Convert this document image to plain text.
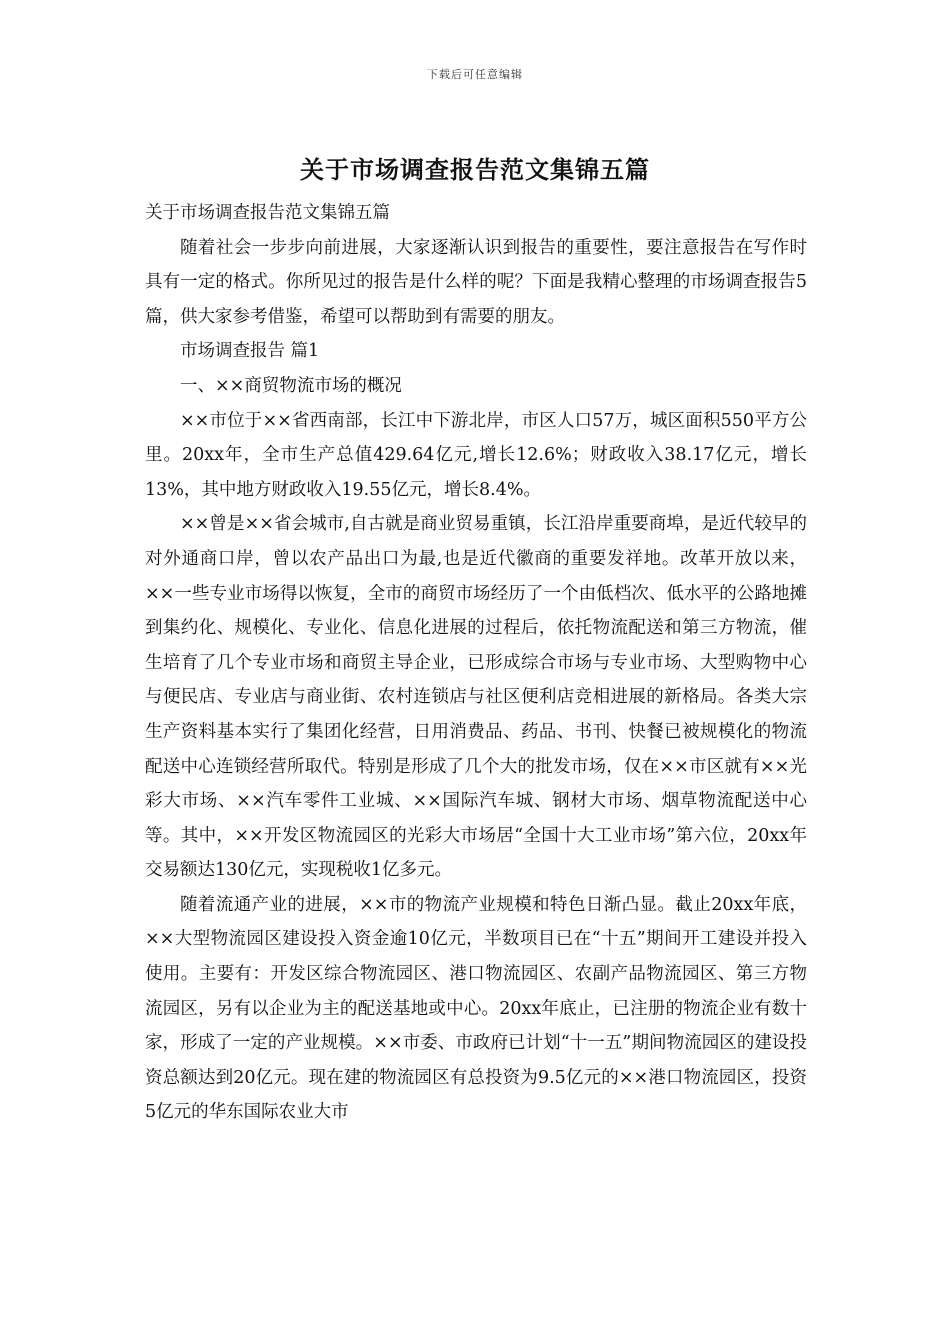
下载后可任意编辑
关于市场调查报告范文集锦五篇

关于市场调查报告范文集锦五篇

随着社会一步步向前进展，大家逐渐认识到报告的重要性，要注意报告在写作时具有一定的格式。你所见过的报告是什么样的呢？下面是我精心整理的市场调查报告5篇，供大家参考借鉴，希望可以帮助到有需要的朋友。

市场调查报告 篇1

一、××商贸物流市场的概况

××市位于××省西南部，长江中下游北岸，市区人口57万，城区面积550平方公里。20xx年，全市生产总值429.64亿元,增长12.6%；财政收入38.17亿元，增长13%，其中地方财政收入19.55亿元，增长8.4%。

××曾是××省会城市,自古就是商业贸易重镇，长江沿岸重要商埠，是近代较早的对外通商口岸，曾以农产品出口为最,也是近代徽商的重要发祥地。改革开放以来，××一些专业市场得以恢复，全市的商贸市场经历了一个由低档次、低水平的公路地摊到集约化、规模化、专业化、信息化进展的过程后，依托物流配送和第三方物流，催生培育了几个专业市场和商贸主导企业，已形成综合市场与专业市场、大型购物中心与便民店、专业店与商业街、农村连锁店与社区便利店竞相进展的新格局。各类大宗生产资料基本实行了集团化经营，日用消费品、药品、书刊、快餐已被规模化的物流配送中心连锁经营所取代。特别是形成了几个大的批发市场，仅在××市区就有××光彩大市场、××汽车零件工业城、××国际汽车城、钢材大市场、烟草物流配送中心等。其中，××开发区物流园区的光彩大市场居“全国十大工业市场”第六位，20xx年交易额达130亿元，实现税收1亿多元。

随着流通产业的进展，××市的物流产业规模和特色日渐凸显。截止20xx年底，××大型物流园区建设投入资金逾10亿元，半数项目已在“十五”期间开工建设并投入使用。主要有：开发区综合物流园区、港口物流园区、农副产品物流园区、第三方物流园区，另有以企业为主的配送基地或中心。20xx年底止，已注册的物流企业有数十家，形成了一定的产业规模。××市委、市政府已计划“十一五”期间物流园区的建设投资总额达到20亿元。现在建的物流园区有总投资为9.5亿元的××港口物流园区，投资5亿元的华东国际农业大市
